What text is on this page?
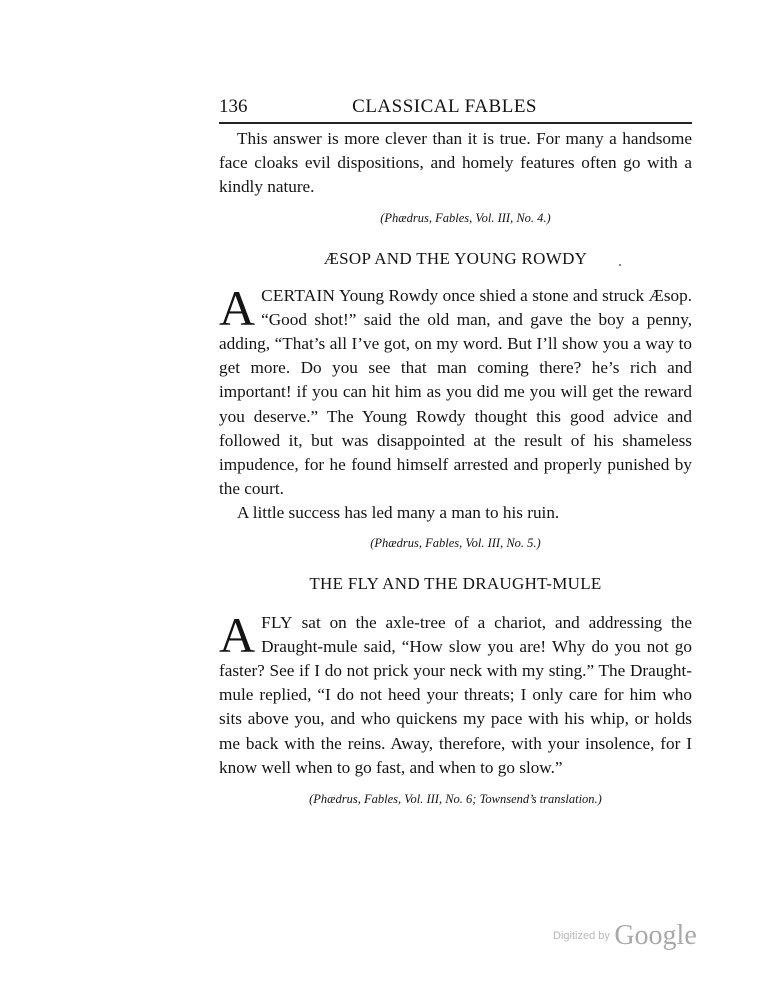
136	CLASSICAL FABLES

This answer is more clever than it is true. For many a handsome face cloaks evil dispositions, and homely features often go with a kindly nature.

(Phædrus, Fables, Vol. III, No. 4.)
ÆSOP AND THE YOUNG ROWDY

ACERTAIN Young Rowdy once shied a stone and struck Æsop. “Good shot!” said the old man, and gave the boy a penny, adding, “That’s all I’ve got, on my word. But I’ll show you a way to get more. Do you see that man coming there? he’s rich and important! if you can hit him as you did me you will get the reward you deserve.” The Young Rowdy thought this good advice and followed it, but was disappointed at the result of his shameless impudence, for he found himself arrested and properly punished by the court.

A little success has led many a man to his ruin.

(Phædrus, Fables, Vol. III, No. 5.)
THE FLY AND THE DRAUGHT-MULE

AFLY sat on the axle-tree of a chariot, and addressing the Draught-mule said, “How slow you are! Why do you not go faster? See if I do not prick your neck with my sting.” The Draught-mule replied, “I do not heed your threats; I only care for him who sits above you, and who quickens my pace with his whip, or holds me back with the reins. Away, therefore, with your insolence, for I know well when to go fast, and when to go slow.”

(Phædrus, Fables, Vol. III, No. 6; Townsend’s translation.)
Digitized by Google
